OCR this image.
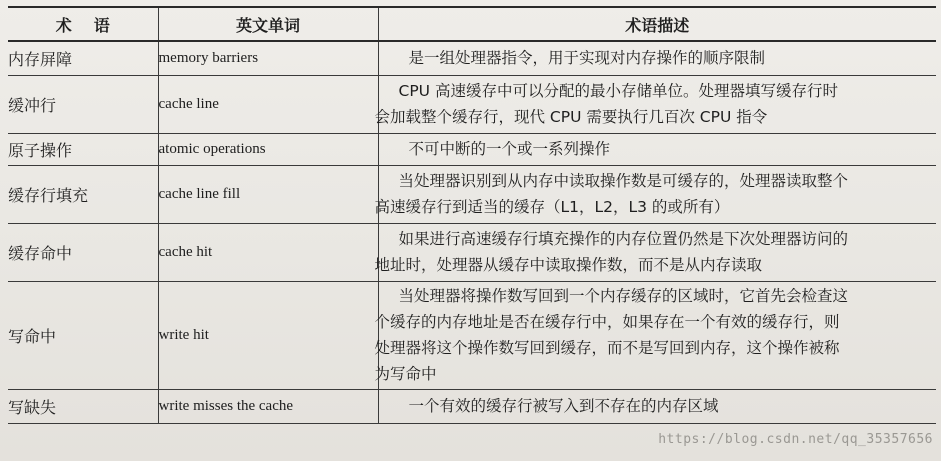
术语	英文单词	术语描述
内存屏障	memory barriers	是一组处理器指令，用于实现对内存操作的顺序限制

缓冲行	cache line	CPU 高速缓存中可以分配的最小存储单位。处理器填写缓存行时
会加载整个缓存行，现代 CPU 需要执行几百次 CPU 指令

原子操作	atomic operations	不可中断的一个或一系列操作

缓存行填充	cache line fill	当处理器识别到从内存中读取操作数是可缓存的，处理器读取整个
高速缓存行到适当的缓存（L1，L2，L3 的或所有）

缓存命中	cache hit	如果进行高速缓存行填充操作的内存位置仍然是下次处理器访问的
地址时，处理器从缓存中读取操作数，而不是从内存读取

写命中	write hit	当处理器将操作数写回到一个内存缓存的区域时，它首先会检查这
个缓存的内存地址是否在缓存行中，如果存在一个有效的缓存行，则
处理器将这个操作数写回到缓存，而不是写回到内存，这个操作被称
为写命中

写缺失	write misses the cache	一个有效的缓存行被写入到不存在的内存区域
https://blog.csdn.net/qq_35357656
